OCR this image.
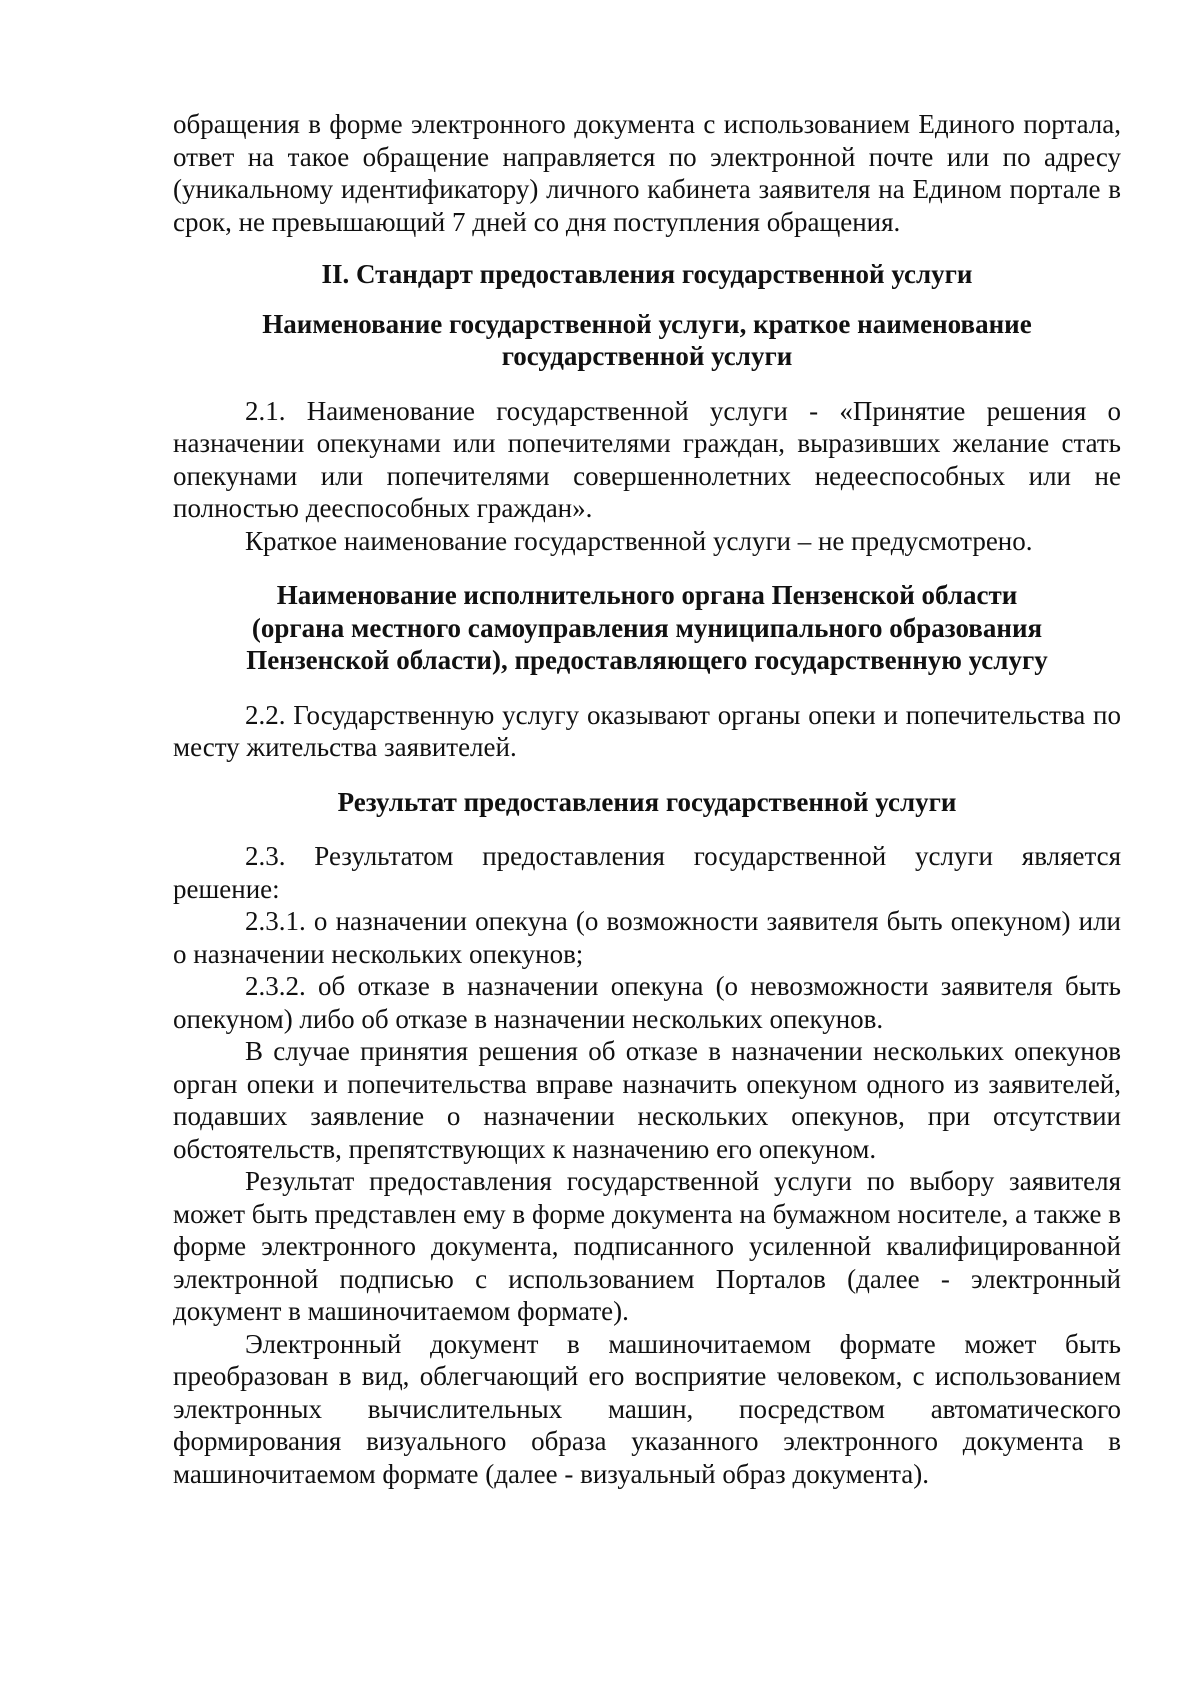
обращения в форме электронного документа с использованием Единого портала, ответ на такое обращение направляется по электронной почте или по адресу (уникальному идентификатору) личного кабинета заявителя на Едином портале в срок, не превышающий 7 дней со дня поступления обращения.

II. Стандарт предоставления государственной услуги

Наименование государственной услуги, краткое наименование

государственной услуги

2.1. Наименование государственной услуги - «Принятие решения о назначении опекунами или попечителями граждан, выразивших желание стать опекунами или попечителями совершеннолетних недееспособных или не полностью дееспособных граждан».

Краткое наименование государственной услуги – не предусмотрено.

Наименование исполнительного органа Пензенской области

(органа местного самоуправления муниципального образования

Пензенской области), предоставляющего государственную услугу

2.2. Государственную услугу оказывают органы опеки и попечительства по месту жительства заявителей.

Результат предоставления государственной услуги

2.3. Результатом предоставления государственной услуги является решение:

2.3.1. о назначении опекуна (о возможности заявителя быть опекуном) или о назначении нескольких опекунов;

2.3.2. об отказе в назначении опекуна (о невозможности заявителя быть опекуном) либо об отказе в назначении нескольких опекунов.

В случае принятия решения об отказе в назначении нескольких опекунов орган опеки и попечительства вправе назначить опекуном одного из заявителей, подавших заявление о назначении нескольких опекунов, при отсутствии обстоятельств, препятствующих к назначению его опекуном.

Результат предоставления государственной услуги по выбору заявителя может быть представлен ему в форме документа на бумажном носителе, а также в форме электронного документа, подписанного усиленной квалифицированной электронной подписью с использованием Порталов (далее - электронный документ в машиночитаемом формате).

Электронный документ в машиночитаемом формате может быть преобразован в вид, облегчающий его восприятие человеком, с использованием электронных вычислительных машин, посредством автоматического формирования визуального образа указанного электронного документа в машиночитаемом формате (далее - визуальный образ документа).
